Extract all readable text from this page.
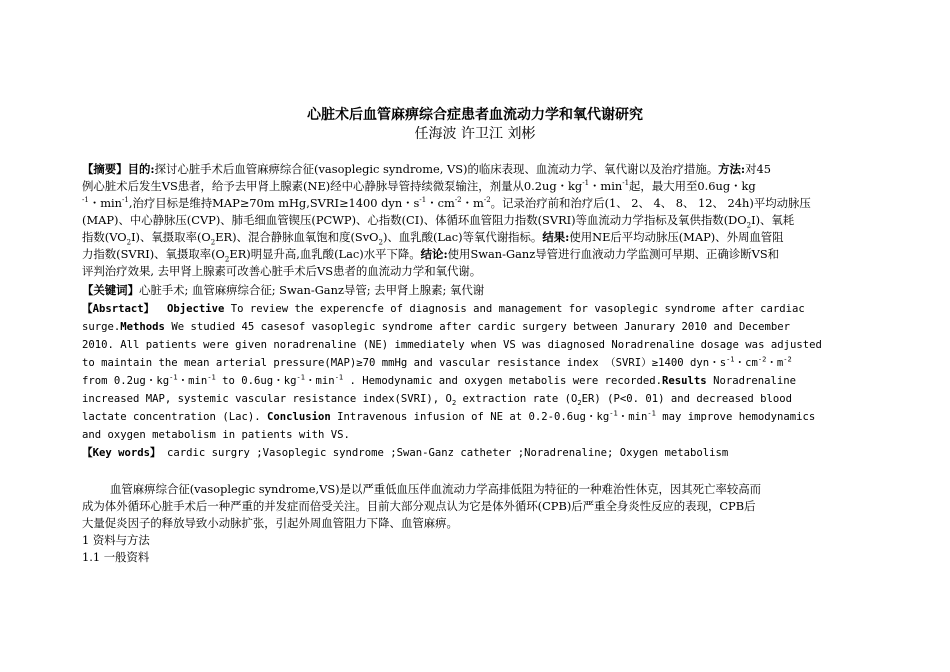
心脏术后血管麻痹综合症患者血流动力学和氧代谢研究
任海波 许卫江 刘彬
【摘要】目的:探讨心脏手术后血管麻痹综合征(vasoplegic syndrome, VS)的临床表现、血流动力学、氧代谢以及治疗措施。方法:对45
例心脏术后发生VS患者，给予去甲肾上腺素(NE)经中心静脉导管持续微泵输注，剂量从0.2ug・$kg^{-1}$・$\min^{-1}$起，最大用至0.6ug・kg
$^{-1}$・$\min^{-1}$,治疗目标是维持MAP≥70m mHg,SVRI≥1400 dyn・$s^{-1}$・$cm^{-2}$・$m^{-2}$。记录治疗前和治疗后(1、 2、 4、 8、 12、 24h)平均动脉压
(MAP)、中心静脉压(CVP)、肺毛细血管锲压(PCWP)、心指数(CI)、体循环血管阻力指数(SVRI)等血流动力学指标及氧供指数$(DO_2I)$、氧耗
指数$(VO_2I)$、氧摄取率$(O_2ER)$、混合静脉血氧饱和度(SvO$_2$)、血乳酸(Lac)等氧代谢指标。结果:使用NE后平均动脉压(MAP)、外周血管阻
力指数(SVRI)、氧摄取率$(O_2ER)$明显升高,血乳酸(Lac)水平下降。结论:使用Swan-Ganz导管进行血液动力学监测可早期、正确诊断VS和
评判治疗效果, 去甲肾上腺素可改善心脏手术后VS患者的血流动力学和氧代谢。
【关键词】心脏手术; 血管麻痹综合征; Swan-Ganz导管; 去甲肾上腺素; 氧代谢
【Absrtact】 Objective To review the experencfe of diagnosis and management for vasoplegic syndrome after cardiac
surge.Methods We studied 45 casesof vasoplegic syndrome after cardic surgery between Janurary 2010 and December
2010. All patients were given noradrenaline (NE) immediately when VS was diagnosed Noradrenaline dosage was adjusted
to maintain the mean arterial pressure(MAP)≥70 mmHg and vascular resistance index （SVRI）≥1400 dyn・$s^{-1}$・$cm^{-2}$・$m^{-2}$
from 0.2ug・$kg^{-1}$・$\min^{-1}$ to 0.6ug・$kg^{-1}$・$\min^{-1}$ . Hemodynamic and oxygen metabolis were recorded.Results Noradrenaline
increased MAP, systemic vascular resistance index(SVRI), $O_2$ extraction rate $(O_2ER)$ (P<0. 01) and decreased blood
lactate concentration (Lac). Conclusion Intravenous infusion of NE at 0.2-0.6ug・$kg^{-1}$・$\min^{-1}$ may improve hemodynamics
and oxygen metabolism in patients with VS.
【Key words】 cardic surgry ;Vasoplegic syndrome ;Swan-Ganz catheter ;Noradrenaline; Oxygen metabolism
血管麻痹综合征(vasoplegic syndrome,VS)是以严重低血压伴血流动力学高排低阻为特征的一种难治性休克，因其死亡率较高而
成为体外循环心脏手术后一种严重的并发症而倍受关注。目前大部分观点认为它是体外循环(CPB)后严重全身炎性反应的表现，CPB后
大量促炎因子的释放导致小动脉扩张，引起外周血管阻力下降、血管麻痹。
1 资料与方法
1.1 一般资料
